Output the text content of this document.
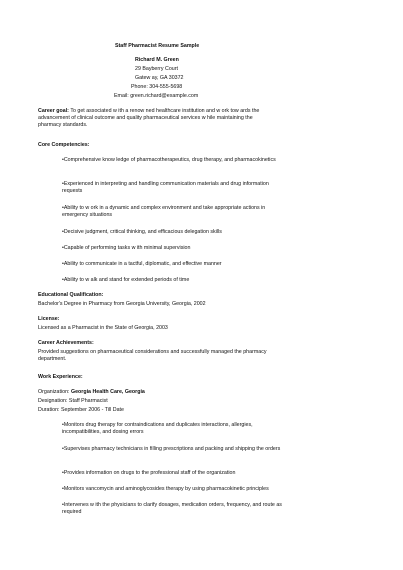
Staff Pharmacist Resume Sample
Richard M. Green
29 Bayberry Court
Gatew ay, GA 30372
Phone: 304-555-5698
Email: green.richard@example.com
Career goal: To get associated w ith a renow ned healthcare institution and w ork tow ards the advancement of clinical outcome and quality pharmaceutical services w hile maintaining the pharmacy standards.
Core Competencies:
•Comprehensive know ledge of pharmacotherapeutics, drug therapy, and pharmacokinetics
•Experienced in interpreting and handling communication materials and drug information requests
•Ability to w ork in a dynamic and complex environment and take appropriate actions in emergency situations
•Decisive judgment, critical thinking, and efficacious delegation skills
•Capable of performing tasks w ith minimal supervision
•Ability to communicate in a tactful, diplomatic, and effective manner
•Ability to w alk and stand for extended periods of time
Educational Qualification:
Bachelor's Degree in Pharmacy from Georgia University, Georgia, 2002
License:
Licensed as a Pharmacist in the State of Georgia, 2003
Career Achievements:
Provided suggestions on pharmaceutical considerations and successfully managed the pharmacy department.
Work Experience:
Organization: Georgia Health Care, Georgia
Designation: Staff Pharmacist
Duration: September 2006 - Till Date
•Monitors drug therapy for contraindications and duplicates interactions, allergies, incompatibilities, and dosing errors
•Supervises pharmacy technicians in filling prescriptions and packing and shipping the orders
•Provides information on drugs to the professional staff of the organization
•Monitors vancomycin and aminoglycosides therapy by using pharmacokinetic principles
•Intervenes w ith the physicians to clarify dosages, medication orders, frequency, and route as required
